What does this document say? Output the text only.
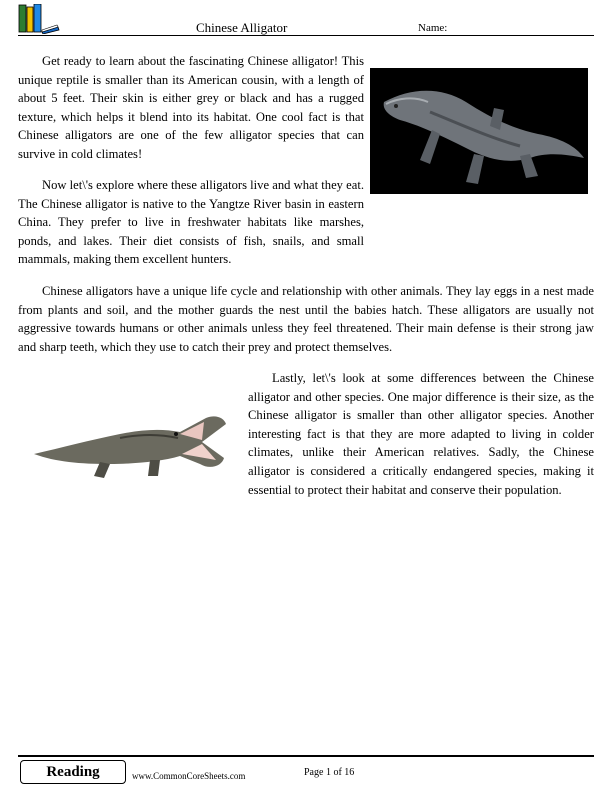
Chinese Alligator	Name:

Get ready to learn about the fascinating Chinese alligator! This unique reptile is smaller than its American cousin, with a length of about 5 feet. Their skin is either grey or black and has a rugged texture, which helps it blend into its habitat. One cool fact is that Chinese alligators are one of the few alligator species that can survive in cold climates!

Now let\'s explore where these alligators live and what they eat. The Chinese alligator is native to the Yangtze River basin in eastern China. They prefer to live in freshwater habitats like marshes, ponds, and lakes. Their diet consists of fish, snails, and small mammals, making them excellent hunters.

Chinese alligators have a unique life cycle and relationship with other animals. They lay eggs in a nest made from plants and soil, and the mother guards the nest until the babies hatch. These alligators are usually not aggressive towards humans or other animals unless they feel threatened. Their main defense is their strong jaw and sharp teeth, which they use to catch their prey and protect themselves.

Lastly, let\'s look at some differences between the Chinese alligator and other species. One major difference is their size, as the Chinese alligator is smaller than other alligator species. Another interesting fact is that they are more adapted to living in colder climates, unlike their American relatives. Sadly, the Chinese alligator is considered a critically endangered species, making it essential to protect their habitat and conserve their population.

Reading	www.CommonCoreSheets.com	Page 1 of 16
